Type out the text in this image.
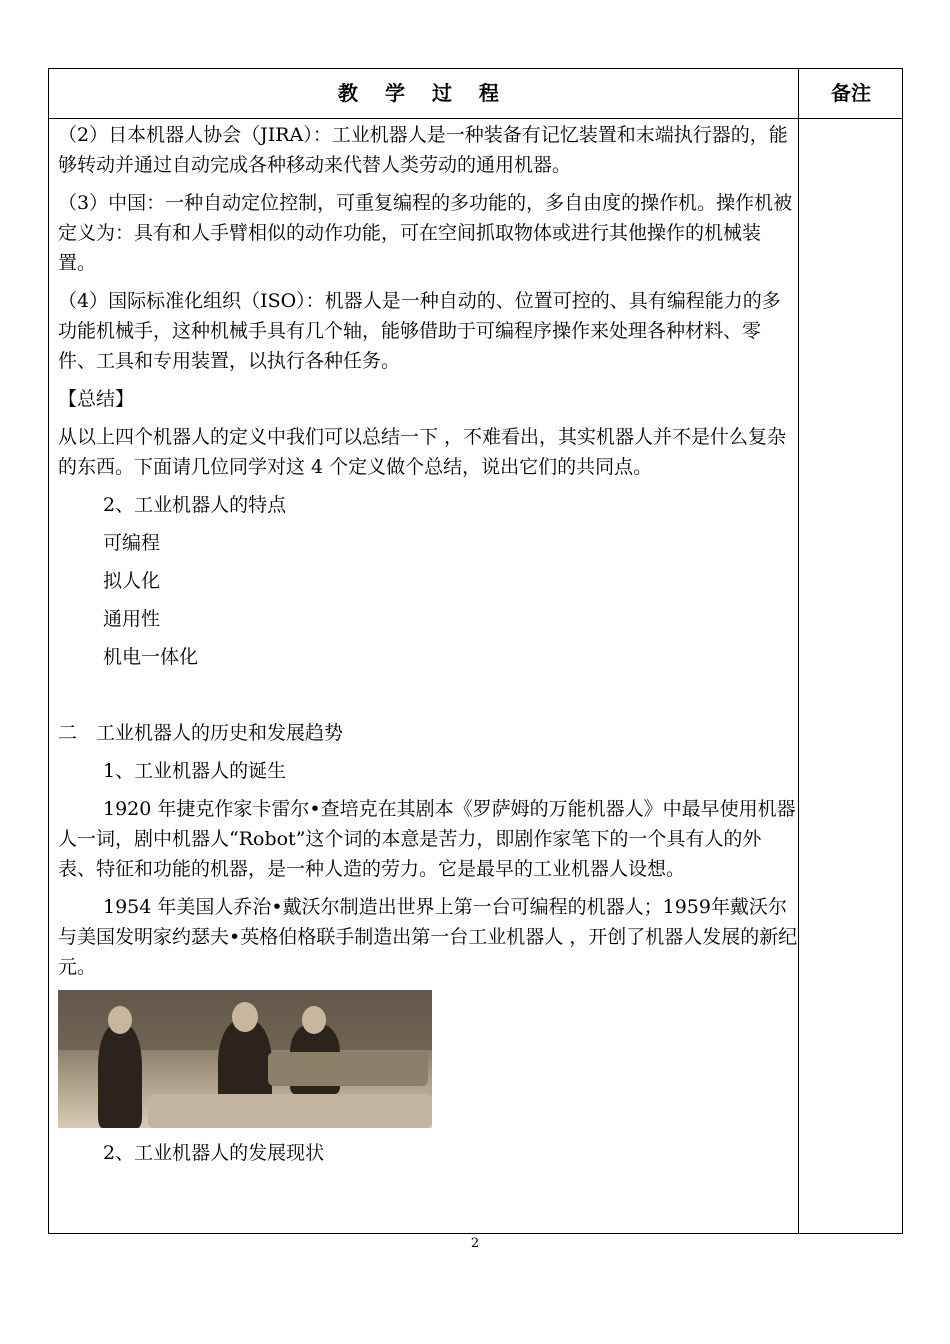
教 学 过 程	备注

（2）日本机器人协会（JIRA）：工业机器人是一种装备有记忆装置和末端执行器的，能够转动并通过自动完成各种移动来代替人类劳动的通用机器。

（3）中国：一种自动定位控制，可重复编程的多功能的，多自由度的操作机。操作机被定义为：具有和人手臂相似的动作功能，可在空间抓取物体或进行其他操作的机械装置。

（4）国际标准化组织（ISO）：机器人是一种自动的、位置可控的、具有编程能力的多功能机械手，这种机械手具有几个轴，能够借助于可编程序操作来处理各种材料、零件、工具和专用装置，以执行各种任务。

【总结】

从以上四个机器人的定义中我们可以总结一下 ，不难看出，其实机器人并不是什么复杂的东西。下面请几位同学对这 4 个定义做个总结，说出它们的共同点。

2、工业机器人的特点

可编程

拟人化

通用性

机电一体化

二　工业机器人的历史和发展趋势

1、工业机器人的诞生

1920 年捷克作家卡雷尔•查培克在其剧本《罗萨姆的万能机器人》中最早使用机器人一词，剧中机器人“Robot”这个词的本意是苦力，即剧作家笔下的一个具有人的外表、特征和功能的机器，是一种人造的劳力。它是最早的工业机器人设想。

1954 年美国人乔治•戴沃尔制造出世界上第一台可编程的机器人；1959年戴沃尔与美国发明家约瑟夫•英格伯格联手制造出第一台工业机器人 ，开创了机器人发展的新纪元。

2、工业机器人的发展现状

2
